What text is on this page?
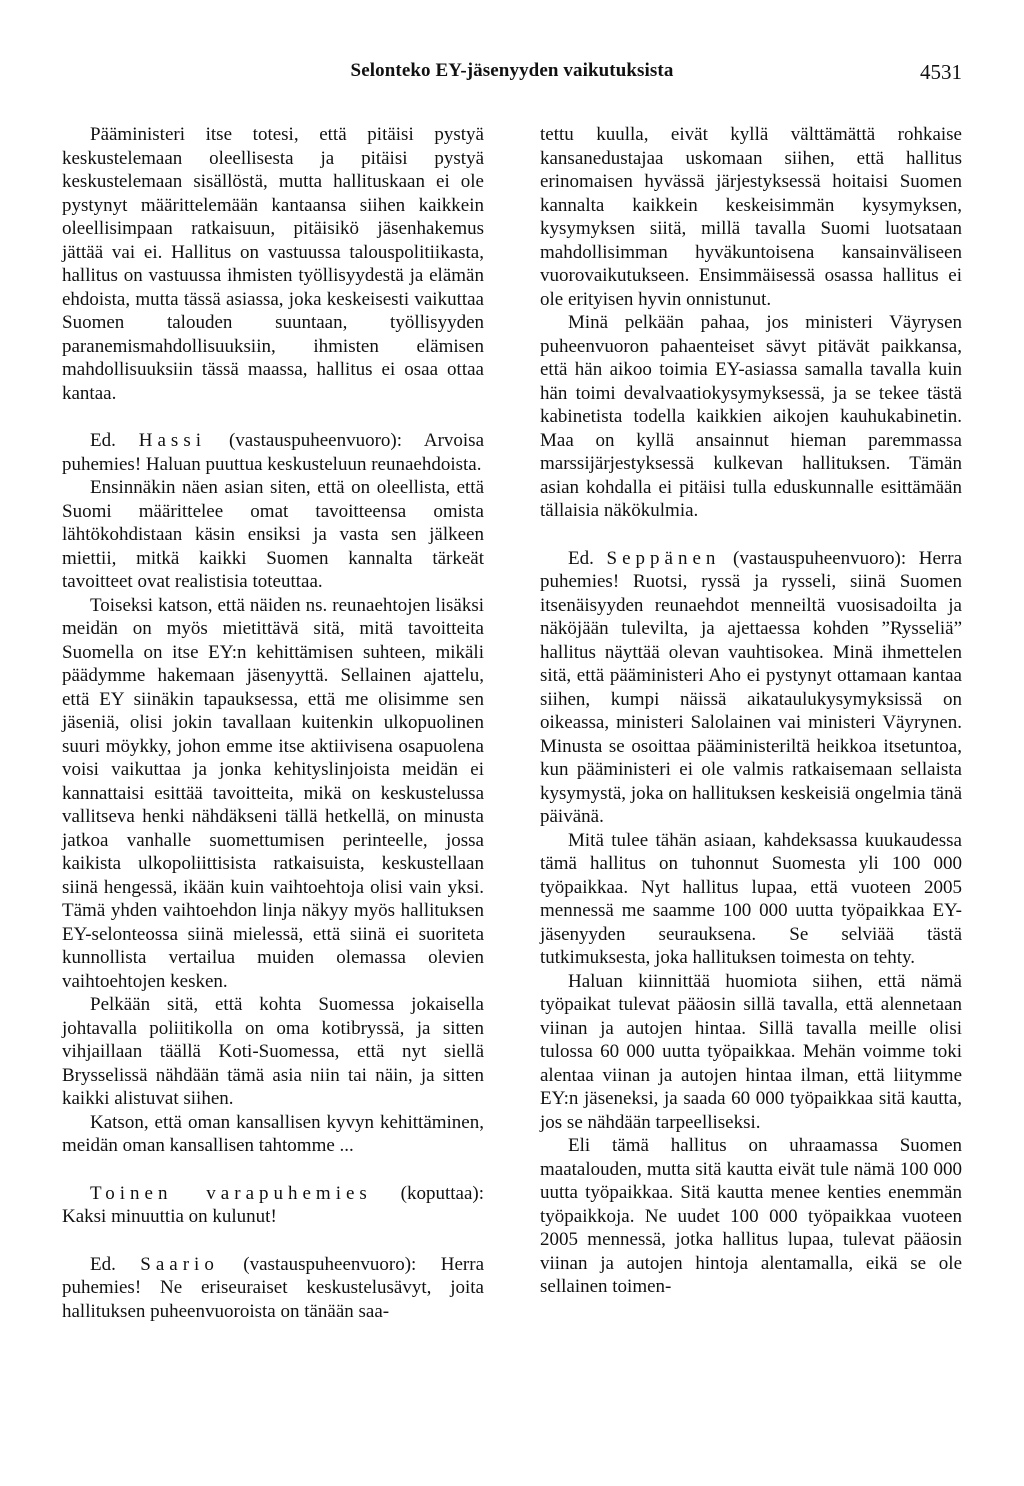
Selonteko EY-jäsenyyden vaikutuksista	4531

Pääministeri itse totesi, että pitäisi pystyä keskustelemaan oleellisesta ja pitäisi pystyä keskustelemaan sisällöstä, mutta hallituskaan ei ole pystynyt määrittelemään kantaansa siihen kaikkein oleellisimpaan ratkaisuun, pitäisikö jäsenhakemus jättää vai ei. Hallitus on vastuussa talouspolitiikasta, hallitus on vastuussa ihmisten työllisyydestä ja elämän ehdoista, mutta tässä asiassa, joka keskeisesti vaikuttaa Suomen talouden suuntaan, työllisyyden paranemismahdollisuuksiin, ihmisten elämisen mahdollisuuksiin tässä maassa, hallitus ei osaa ottaa kantaa.

Ed. Hassi (vastauspuheenvuoro): Arvoisa puhemies! Haluan puuttua keskusteluun reunaehdoista.

Ensinnäkin näen asian siten, että on oleellista, että Suomi määrittelee omat tavoitteensa omista lähtökohdistaan käsin ensiksi ja vasta sen jälkeen miettii, mitkä kaikki Suomen kannalta tärkeät tavoitteet ovat realistisia toteuttaa.

Toiseksi katson, että näiden ns. reunaehtojen lisäksi meidän on myös mietittävä sitä, mitä tavoitteita Suomella on itse EY:n kehittämisen suhteen, mikäli päädymme hakemaan jäsenyyttä. Sellainen ajattelu, että EY siinäkin tapauksessa, että me olisimme sen jäseniä, olisi jokin tavallaan kuitenkin ulkopuolinen suuri möykky, johon emme itse aktiivisena osapuolena voisi vaikuttaa ja jonka kehityslinjoista meidän ei kannattaisi esittää tavoitteita, mikä on keskustelussa vallitseva henki nähdäkseni tällä hetkellä, on minusta jatkoa vanhalle suomettumisen perinteelle, jossa kaikista ulkopoliittisista ratkaisuista, keskustellaan siinä hengessä, ikään kuin vaihtoehtoja olisi vain yksi. Tämä yhden vaihtoehdon linja näkyy myös hallituksen EY-selonteossa siinä mielessä, että siinä ei suoriteta kunnollista vertailua muiden olemassa olevien vaihtoehtojen kesken.

Pelkään sitä, että kohta Suomessa jokaisella johtavalla poliitikolla on oma kotibryssä, ja sitten vihjaillaan täällä Koti-Suomessa, että nyt siellä Brysselissä nähdään tämä asia niin tai näin, ja sitten kaikki alistuvat siihen.

Katson, että oman kansallisen kyvyn kehittäminen, meidän oman kansallisen tahtomme ...

Toinen varapuhemies (koputtaa): Kaksi minuuttia on kulunut!

Ed. Saario (vastauspuheenvuoro): Herra puhemies! Ne eriseuraiset keskustelusävyt, joita hallituksen puheenvuoroista on tänään saa-

tettu kuulla, eivät kyllä välttämättä rohkaise kansanedustajaa uskomaan siihen, että hallitus erinomaisen hyvässä järjestyksessä hoitaisi Suomen kannalta kaikkein keskeisimmän kysymyksen, kysymyksen siitä, millä tavalla Suomi luotsataan mahdollisimman hyväkuntoisena kansainväliseen vuorovaikutukseen. Ensimmäisessä osassa hallitus ei ole erityisen hyvin onnistunut.

Minä pelkään pahaa, jos ministeri Väyrysen puheenvuoron pahaenteiset sävyt pitävät paikkansa, että hän aikoo toimia EY-asiassa samalla tavalla kuin hän toimi devalvaatiokysymyksessä, ja se tekee tästä kabinetista todella kaikkien aikojen kauhukabinetin. Maa on kyllä ansainnut hieman paremmassa marssijärjestyksessä kulkevan hallituksen. Tämän asian kohdalla ei pitäisi tulla eduskunnalle esittämään tällaisia näkökulmia.

Ed. Seppänen (vastauspuheenvuoro): Herra puhemies! Ruotsi, ryssä ja rysseli, siinä Suomen itsenäisyyden reunaehdot menneiltä vuosisadoilta ja näköjään tulevilta, ja ajettaessa kohden ”Rysseliä” hallitus näyttää olevan vauhtisokea. Minä ihmettelen sitä, että pääministeri Aho ei pystynyt ottamaan kantaa siihen, kumpi näissä aikataulukysymyksissä on oikeassa, ministeri Salolainen vai ministeri Väyrynen. Minusta se osoittaa pääministeriltä heikkoa itsetuntoa, kun pääministeri ei ole valmis ratkaisemaan sellaista kysymystä, joka on hallituksen keskeisiä ongelmia tänä päivänä.

Mitä tulee tähän asiaan, kahdeksassa kuukaudessa tämä hallitus on tuhonnut Suomesta yli 100 000 työpaikkaa. Nyt hallitus lupaa, että vuoteen 2005 mennessä me saamme 100 000 uutta työpaikkaa EY-jäsenyyden seurauksena. Se selviää tästä tutkimuksesta, joka hallituksen toimesta on tehty.

Haluan kiinnittää huomiota siihen, että nämä työpaikat tulevat pääosin sillä tavalla, että alennetaan viinan ja autojen hintaa. Sillä tavalla meille olisi tulossa 60 000 uutta työpaikkaa. Mehän voimme toki alentaa viinan ja autojen hintaa ilman, että liitymme EY:n jäseneksi, ja saada 60 000 työpaikkaa sitä kautta, jos se nähdään tarpeelliseksi.

Eli tämä hallitus on uhraamassa Suomen maatalouden, mutta sitä kautta eivät tule nämä 100 000 uutta työpaikkaa. Sitä kautta menee kenties enemmän työpaikkoja. Ne uudet 100 000 työpaikkaa vuoteen 2005 mennessä, jotka hallitus lupaa, tulevat pääosin viinan ja autojen hintoja alentamalla, eikä se ole sellainen toimen-
